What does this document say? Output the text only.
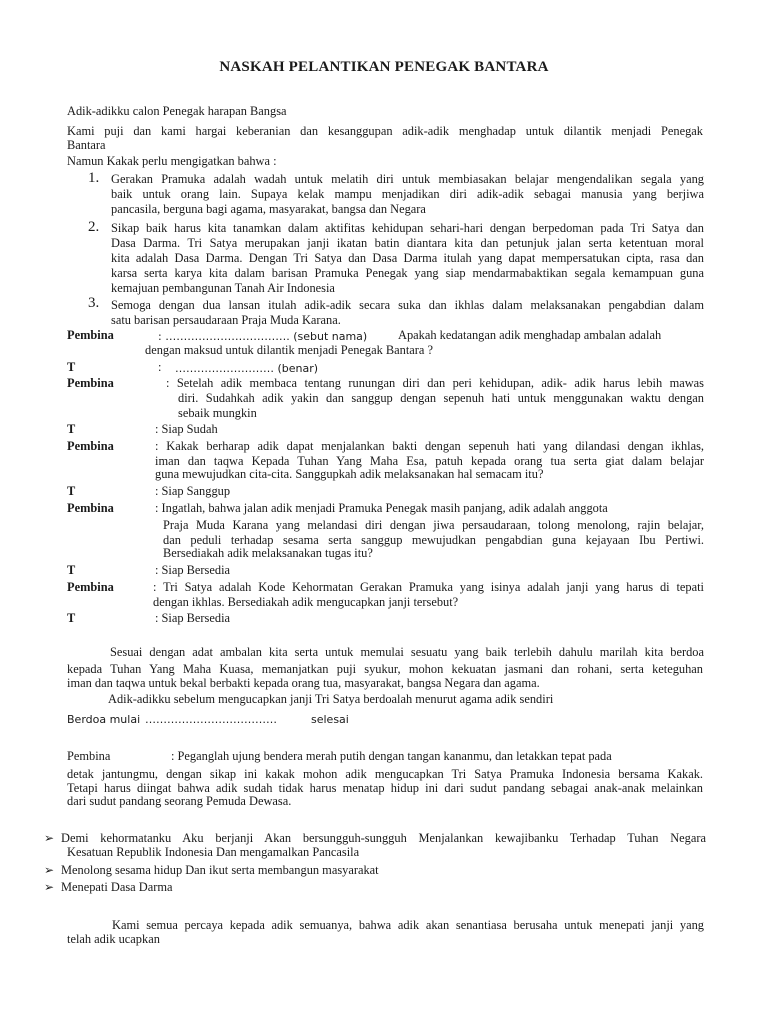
NASKAH PELANTIKAN PENEGAK BANTARA
Adik-adikku calon Penegak harapan Bangsa
Kami puji dan kami hargai keberanian dan kesanggupan adik-adik menghadap untuk dilantik menjadi Penegak
Bantara
Namun Kakak perlu mengigatkan bahwa :
1. Gerakan Pramuka adalah wadah untuk melatih diri untuk membiasakan belajar mengendalikan segala yang
baik untuk orang lain. Supaya kelak mampu menjadikan diri adik-adik sebagai manusia yang berjiwa
pancasila, berguna bagi agama, masyarakat, bangsa dan Negara
2. Sikap baik harus kita tanamkan dalam aktifitas kehidupan sehari-hari dengan berpedoman pada Tri Satya dan
Dasa Darma. Tri Satya merupakan janji ikatan batin diantara kita dan petunjuk jalan serta ketentuan moral
kita adalah Dasa Darma. Dengan Tri Satya dan Dasa Darma itulah yang dapat mempersatukan cipta, rasa dan
karsa serta karya kita dalam barisan Pramuka Penegak yang siap mendarmabaktikan segala kemampuan guna
kemajuan pembangunan Tanah Air Indonesia
3. Semoga dengan dua lansan itulah adik-adik secara suka dan ikhlas dalam melaksanakan pengabdian dalam
satu barisan persaudaraan Praja Muda Karana.
Pembina	: ……………………………. (sebut nama) Apakah kedatangan adik menghadap ambalan adalah
dengan maksud untuk dilantik menjadi Penegak Bantara ?
T	: ……………………… (benar)
Pembina	: Setelah adik membaca tentang runungan diri dan peri kehidupan, adik- adik harus lebih mawas
diri. Sudahkah adik yakin dan sanggup dengan sepenuh hati untuk menggunakan waktu dengan
sebaik mungkin
T	: Siap Sudah
Pembina	: Kakak berharap adik dapat menjalankan bakti dengan sepenuh hati yang dilandasi dengan ikhlas,
iman dan taqwa Kepada Tuhan Yang Maha Esa, patuh kepada orang tua serta giat dalam belajar
guna mewujudkan cita-cita. Sanggupkah adik melaksanakan hal semacam itu?
T	: Siap Sanggup
Pembina	: Ingatlah, bahwa jalan adik menjadi Pramuka Penegak masih panjang, adik adalah anggota
Praja Muda Karana yang melandasi diri dengan jiwa persaudaraan, tolong menolong, rajin belajar,
dan peduli terhadap sesama serta sanggup mewujudkan pengabdian guna kejayaan Ibu Pertiwi.
Bersediakah adik melaksanakan tugas itu?
T	: Siap Bersedia
Pembina	: Tri Satya adalah Kode Kehormatan Gerakan Pramuka yang isinya adalah janji yang harus di tepati
dengan ikhlas. Bersediakah adik mengucapkan janji tersebut?
T	: Siap Bersedia
Sesuai dengan adat ambalan kita serta untuk memulai sesuatu yang baik terlebih dahulu marilah kita berdoa
kepada Tuhan Yang Maha Kuasa, memanjatkan puji syukur, mohon kekuatan jasmani dan rohani, serta keteguhan
iman dan taqwa untuk bekal berbakti kepada orang tua, masyarakat, bangsa Negara dan agama.
Adik-adikku sebelum mengucapkan janji Tri Satya berdoalah menurut agama adik sendiri
Berdoa mulai ………………………………	selesai
Pembina	: Peganglah ujung bendera merah putih dengan tangan kananmu, dan letakkan tepat pada
detak jantungmu, dengan sikap ini kakak mohon adik mengucapkan Tri Satya Pramuka Indonesia bersama Kakak.
Tetapi harus diingat bahwa adik sudah tidak harus menatap hidup ini dari sudut pandang sebagai anak-anak melainkan
dari sudut pandang seorang Pemuda Dewasa.
➢ Demi kehormatanku Aku berjanji Akan bersungguh-sungguh Menjalankan kewajibanku Terhadap Tuhan Negara
Kesatuan Republik Indonesia Dan mengamalkan Pancasila
➢ Menolong sesama hidup Dan ikut serta membangun masyarakat
➢ Menepati Dasa Darma
Kami semua percaya kepada adik semuanya, bahwa adik akan senantiasa berusaha untuk menepati janji yang
telah adik ucapkan
